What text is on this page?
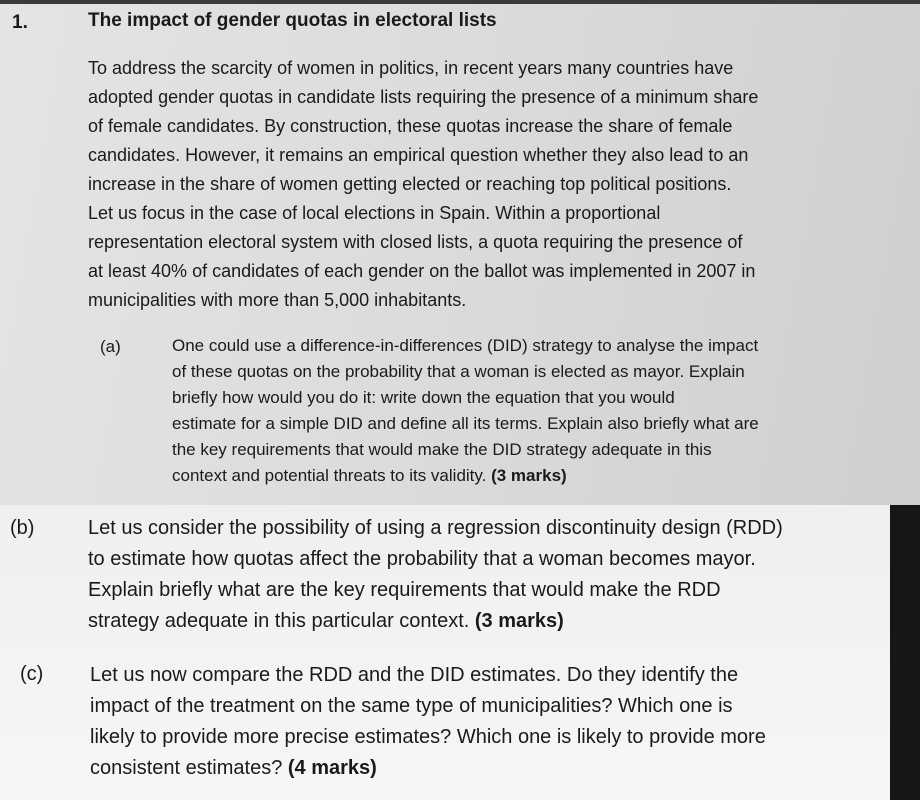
1.	The impact of gender quotas in electoral lists
To address the scarcity of women in politics, in recent years many countries have
adopted gender quotas in candidate lists requiring the presence of a minimum share
of female candidates. By construction, these quotas increase the share of female
candidates. However, it remains an empirical question whether they also lead to an
increase in the share of women getting elected or reaching top political positions.
Let us focus in the case of local elections in Spain. Within a proportional
representation electoral system with closed lists, a quota requiring the presence of
at least 40% of candidates of each gender on the ballot was implemented in 2007 in
municipalities with more than 5,000 inhabitants.
(a)	One could use a difference-in-differences (DID) strategy to analyse the impact
of these quotas on the probability that a woman is elected as mayor. Explain
briefly how would you do it: write down the equation that you would
estimate for a simple DID and define all its terms. Explain also briefly what are
the key requirements that would make the DID strategy adequate in this
context and potential threats to its validity. (3 marks)
(b)	Let us consider the possibility of using a regression discontinuity design (RDD)
to estimate how quotas affect the probability that a woman becomes mayor.
Explain briefly what are the key requirements that would make the RDD
strategy adequate in this particular context. (3 marks)
(c) Let us now compare the RDD and the DID estimates. Do they identify the
impact of the treatment on the same type of municipalities? Which one is
likely to provide more precise estimates? Which one is likely to provide more
consistent estimates? (4 marks)
